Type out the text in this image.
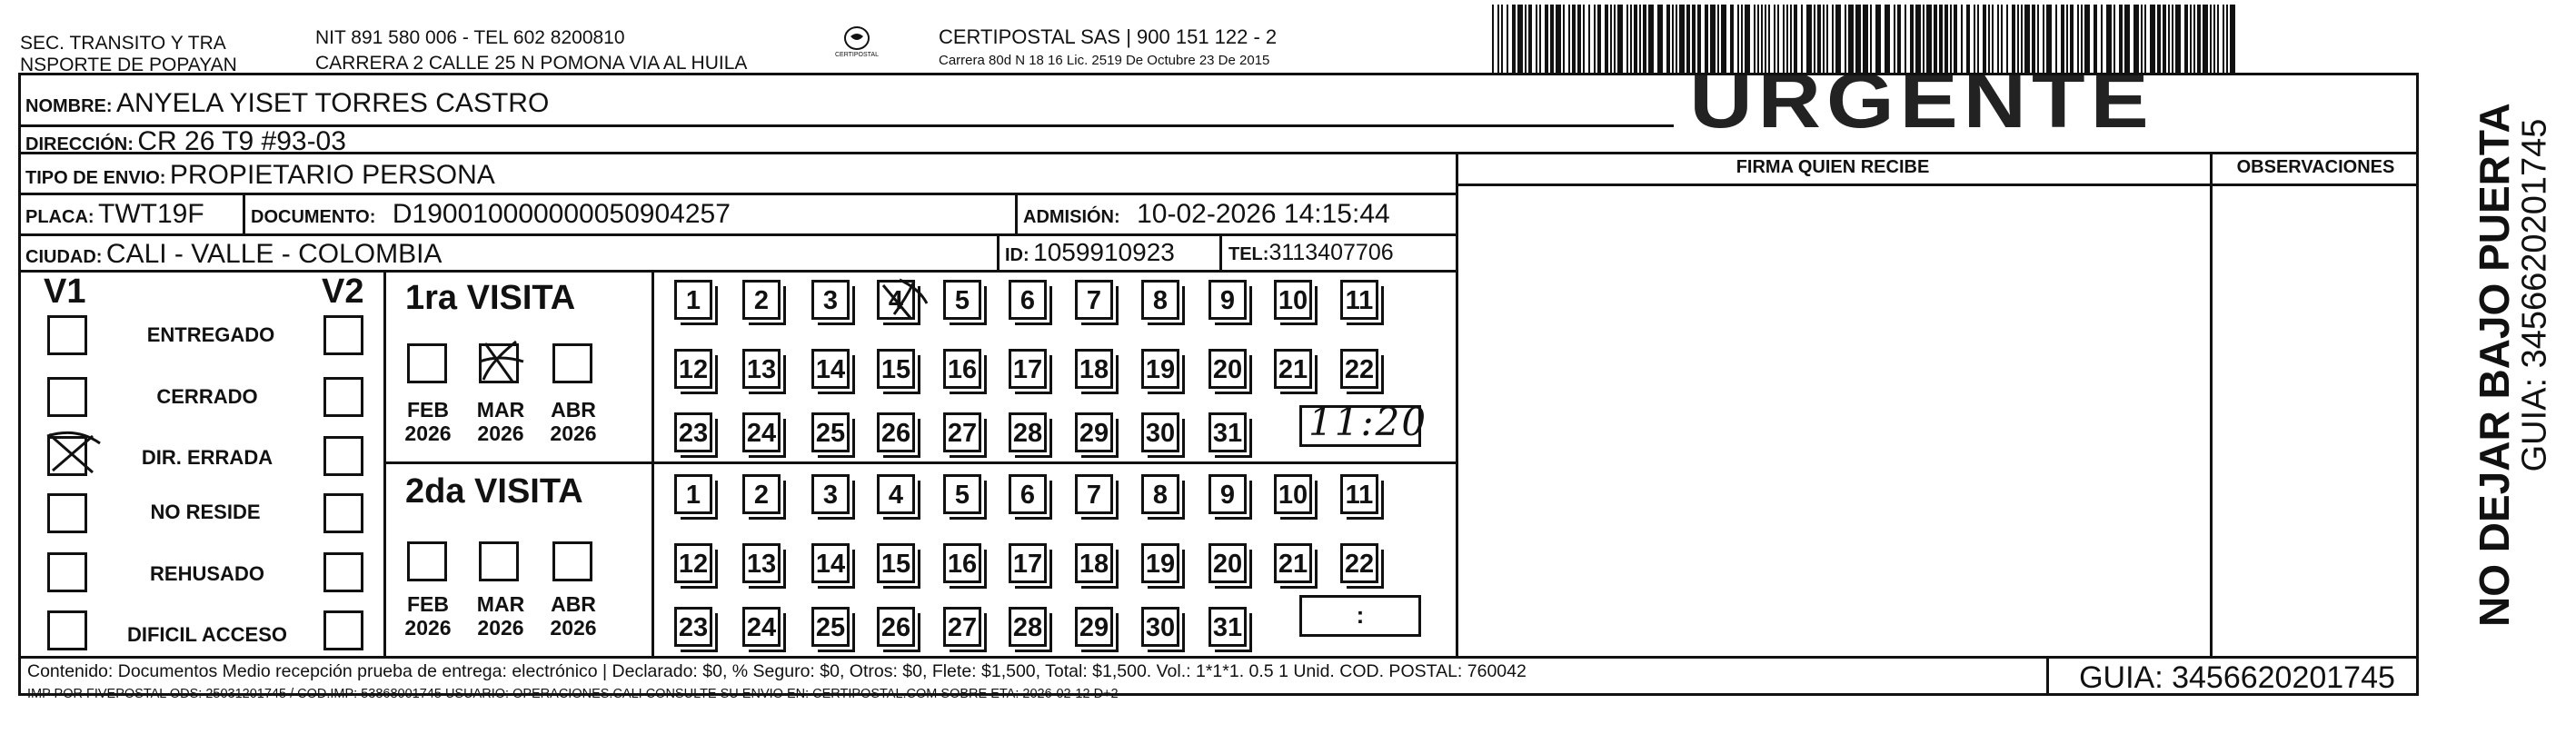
SEC. TRANSITO Y TRA
NSPORTE DE POPAYAN
NIT 891 580 006 - TEL 602 8200810
CARRERA 2 CALLE 25 N POMONA VIA AL HUILA	CERTIPOSTAL
CERTIPOSTAL SAS | 900 151 122 - 2
Carrera 80d N 18 16 Lic. 2519 De Octubre 23 De 2015	URGENTE
NOMBRE: ANYELA YISET TORRES CASTRO
DIRECCIÓN: CR 26 T9 #93-03
TIPO DE ENVIO: PROPIETARIO PERSONA
PLACA: TWT19F	DOCUMENTO: D190010000000050904257	ADMISIÓN: 10-02-2026 14:15:44
CIUDAD: CALI - VALLE - COLOMBIA	ID: 1059910923	TEL:3113407706
FIRMA QUIEN RECIBE	OBSERVACIONES
V1	V2
ENTREGADO
CERRADO
DIR. ERRADA
NO RESIDE
REHUSADO
DIFICIL ACCESO
1ra VISITA
FEB
2026
MAR
2026
ABR
2026
1	2	3	4	5	6	7	8	9	10 11
12 13 14 15 16 17 18 19 20 21 22
23 24 25 26 27 28 29 30 31 11:20
2da VISITA
FEB
2026
MAR
2026
ABR
2026
1	2	3	4	5	6	7	8	9	10 11
12 13 14 15 16 17 18 19 20 21 22
23 24 25 26 27 28 29 30 31	:	NO DEJAR BAJO PUERTA
GUIA: 3456620201745
Contenido: Documentos Medio recepción prueba de entrega: electrónico | Declarado: $0, % Seguro: $0, Otros: $0, Flete: $1,500, Total: $1,500. Vol.: 1*1*1. 0.5 1 Unid. COD. POSTAL: 760042
IMP POR FIVEPOSTAL ODS: 25031201745 / COD.IMP: 53868001745 USUARIO: OPERACIONES.CALI CONSULTE SU ENVIO EN: CERTIPOSTAL.COM SOBRE ETA: 2026-02-12 D+2	GUIA: 3456620201745
